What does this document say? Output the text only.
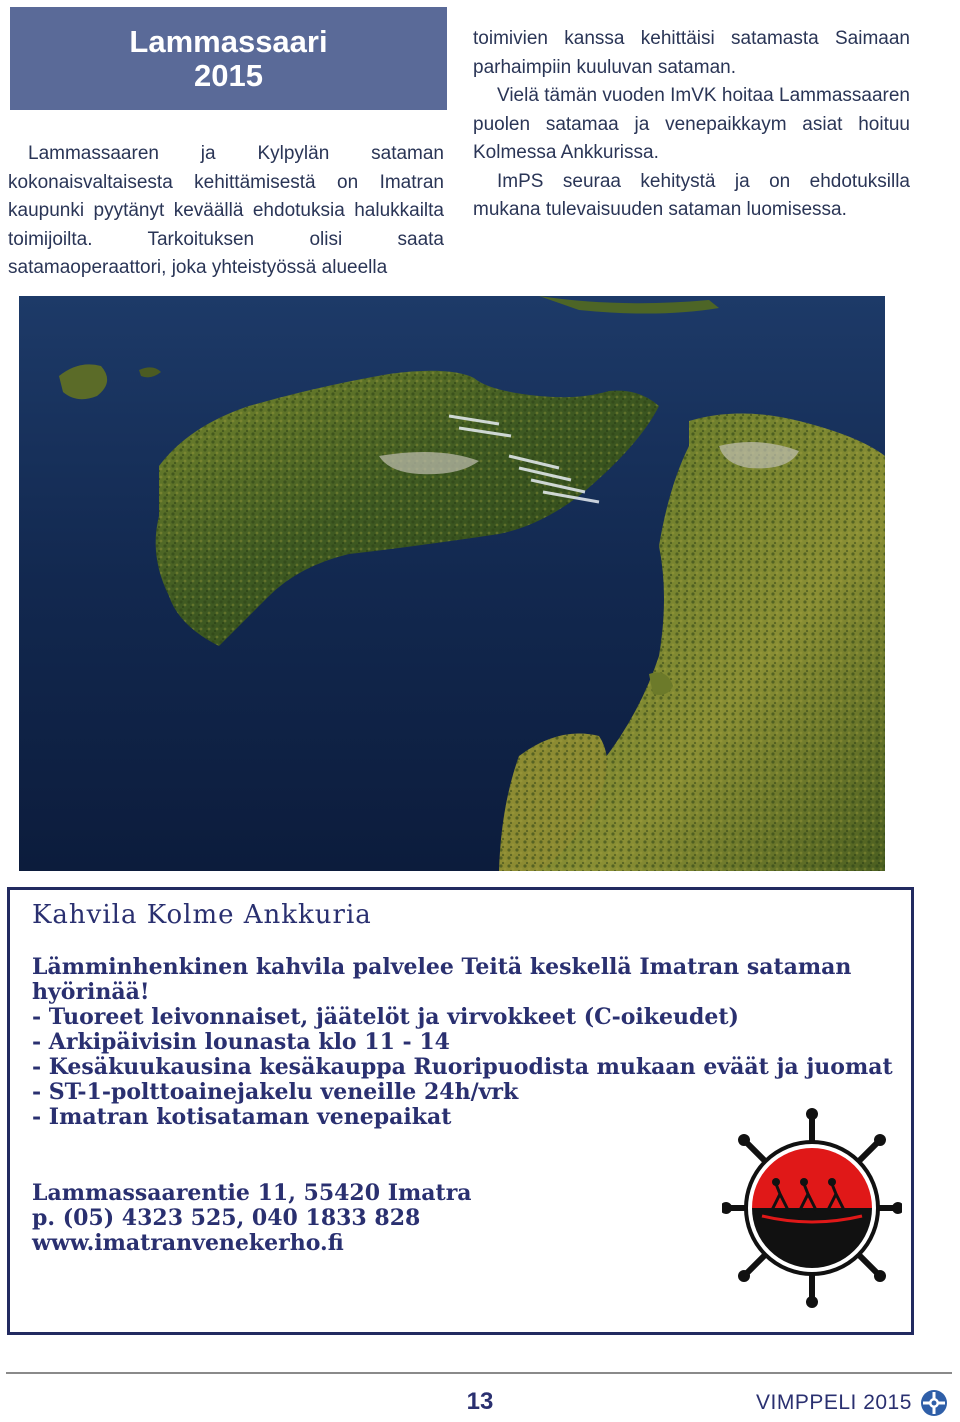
Lammassaari
2015

Lammassaaren ja Kylpylän sataman kokonaisvaltaisesta kehittämisestä on Imatran kaupunki pyytänyt keväällä ehdotuksia halukkailta toimijoilta. Tarkoituksen olisi saata satamaoperaattori, joka yhteistyössä alueella

toimivien kanssa kehittäisi satamasta Saimaan parhaimpiin kuuluvan sataman.

Vielä tämän vuoden ImVK hoitaa Lammassaaren puolen satamaa ja venepaikkaym asiat hoituu Kolmessa Ankkurissa.

ImPS seuraa kehitystä ja on ehdotuksilla mukana tulevaisuuden sataman luomisessa.

Kahvila Kolme Ankkuria
Lämminhenkinen kahvila palvelee Teitä keskellä Imatran sataman hyörinää!
- Tuoreet leivonnaiset, jäätelöt ja virvokkeet (C-oikeudet)
- Arkipäivisin lounasta klo 11 - 14
- Kesäkuukausina kesäkauppa Ruoripuodista mukaan eväät ja juomat
- ST-1-polttoainejakelu veneille 24h/vrk
- Imatran kotisataman venepaikat
Lammassaarentie 11, 55420 Imatra
p. (05) 4323 525, 040 1833 828
www.imatranvenekerho.fi
13	VIMPPELI 2015
